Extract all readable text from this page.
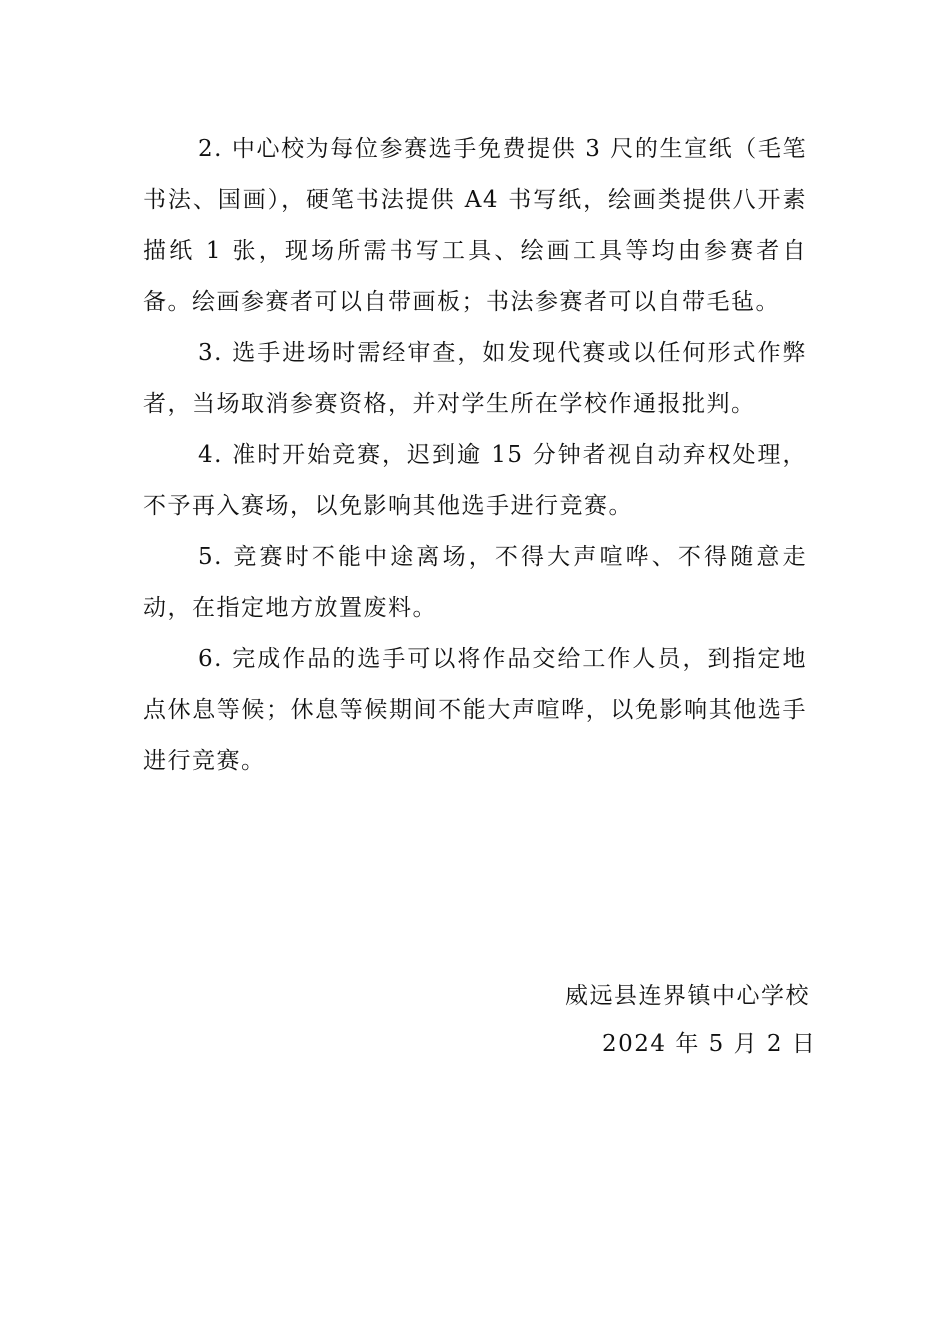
2. 中心校为每位参赛选手免费提供 3 尺的生宣纸（毛笔书法、国画），硬笔书法提供 A4 书写纸，绘画类提供八开素描纸 1 张，现场所需书写工具、绘画工具等均由参赛者自备。绘画参赛者可以自带画板；书法参赛者可以自带毛毡。

3. 选手进场时需经审查，如发现代赛或以任何形式作弊者，当场取消参赛资格，并对学生所在学校作通报批判。

4. 准时开始竞赛，迟到逾 15 分钟者视自动弃权处理，不予再入赛场，以免影响其他选手进行竞赛。

5. 竞赛时不能中途离场，不得大声喧哗、不得随意走动，在指定地方放置废料。

6. 完成作品的选手可以将作品交给工作人员，到指定地点休息等候；休息等候期间不能大声喧哗，以免影响其他选手进行竞赛。

威远县连界镇中心学校
2024 年 5 月 2 日
